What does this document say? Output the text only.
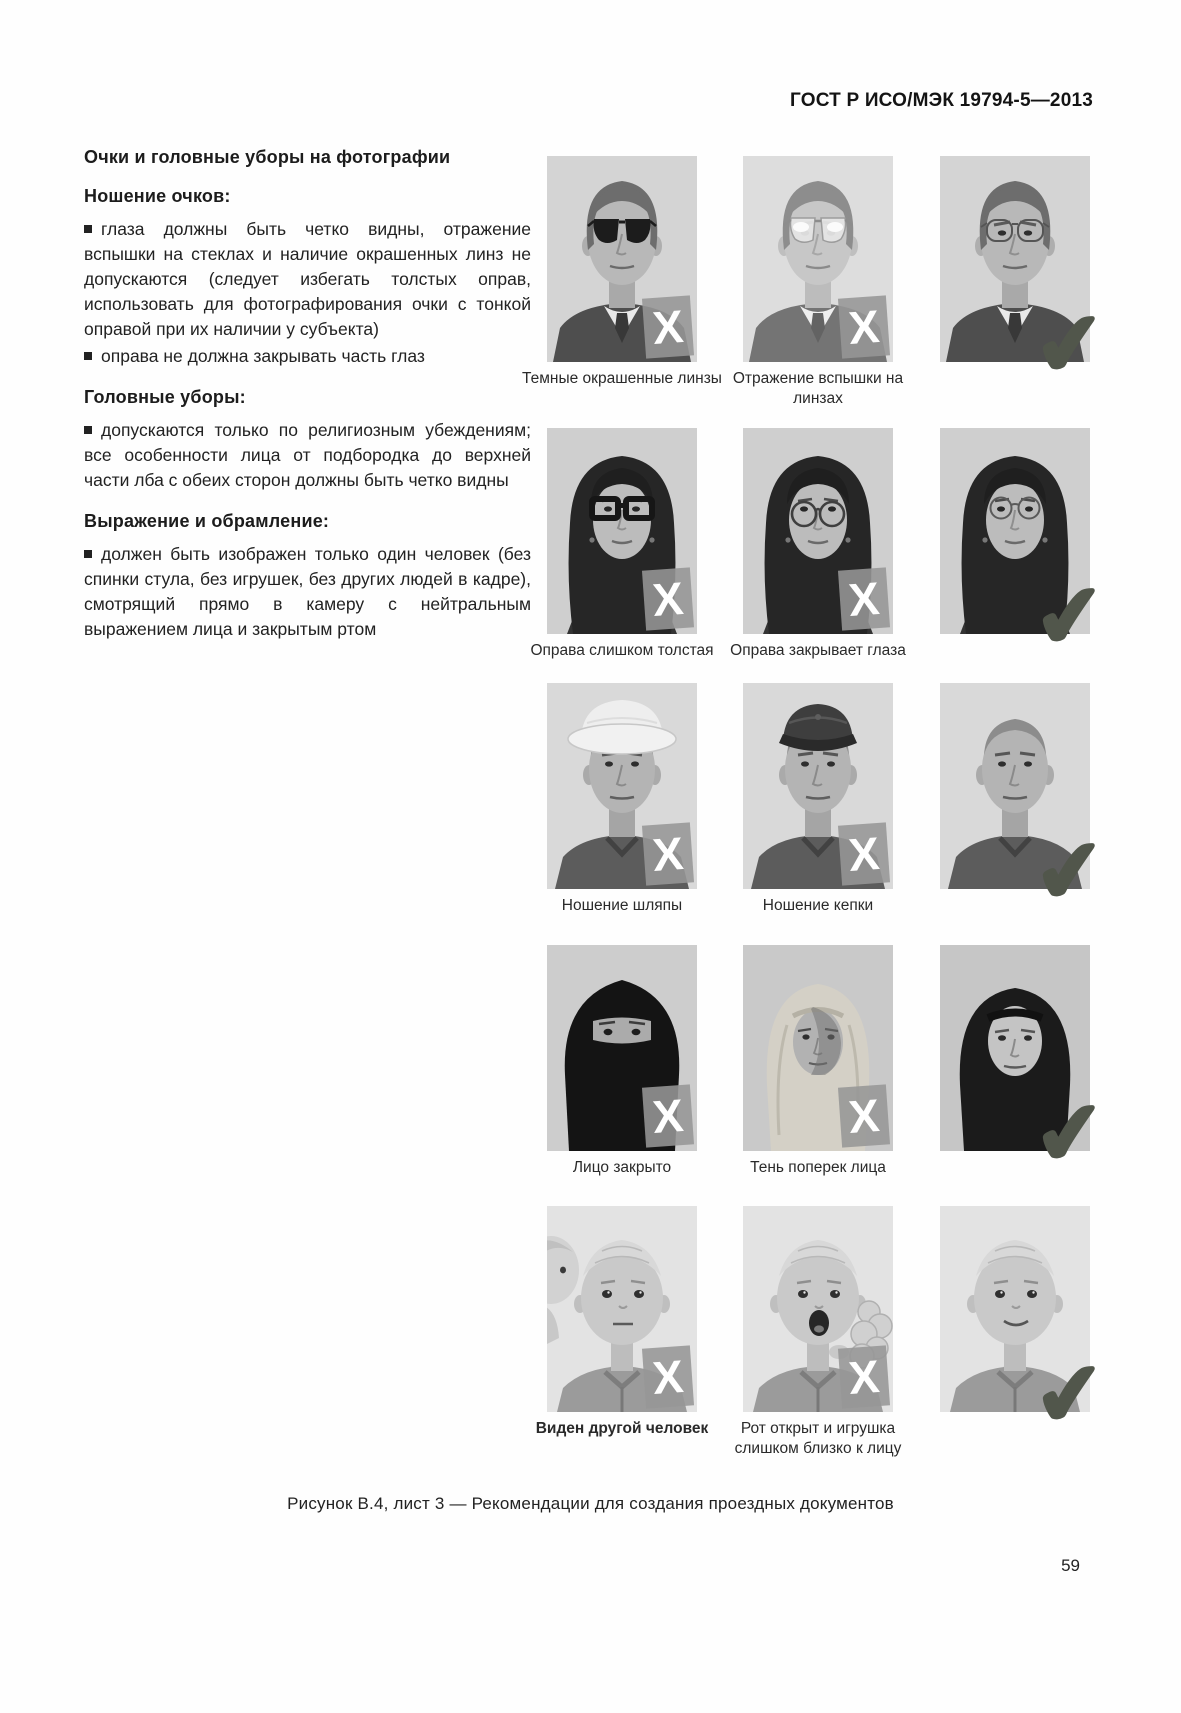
ГОСТ Р ИСО/МЭК 19794-5—2013

Очки и головные уборы на фотографии

Ношение очков:

глаза должны быть четко видны, отражение вспышки на стеклах и наличие окрашенных линз не допускаются (следует избегать толстых оправ, использовать для фотографирования очки с тонкой оправой при их наличии у субъекта)

оправа не должна закрывать часть глаз

Головные уборы:

допускаются только по религиозным убеждениям; все особенности лица от подбородка до верхней части лба с обеих сторон должны быть четко видны

Выражение и обрамление:

должен быть изображен только один человек (без спинки стула, без игрушек, без других людей в кадре), смотрящий прямо в камеру с нейтральным выражением лица и закрытым ртом

X
Темные окрашенные линзы
X
Отражение вспышки на линзах
✔
X
Оправа слишком толстая
X
Оправа закрывает глаза ✔
X
Ношение шляпы
X
Ношение кепки	✔
X
Лицо закрыто
X
Тень поперек лица	✔
X
Виден другой человек
X
Рот открыт и игрушка слишком близко к лицу
✔
Рисунок В.4, лист 3 — Рекомендации для создания проездных документов
59
